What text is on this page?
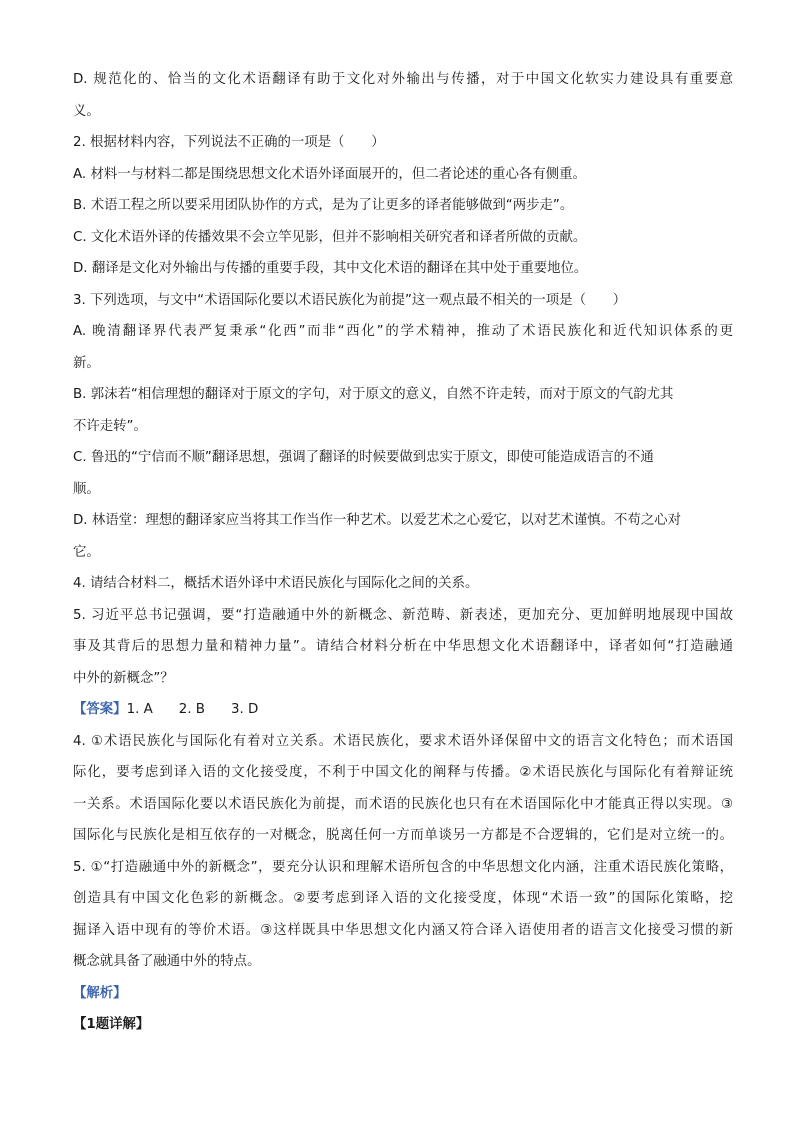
D. 规范化的、恰当的文化术语翻译有助于文化对外输出与传播，对于中国文化软实力建设具有重要意
义。
2. 根据材料内容，下列说法不正确的一项是（　　）
A. 材料一与材料二都是围绕思想文化术语外译面展开的，但二者论述的重心各有侧重。
B. 术语工程之所以要采用团队协作的方式，是为了让更多的译者能够做到“两步走”。
C. 文化术语外译的传播效果不会立竿见影，但并不影响相关研究者和译者所做的贡献。
D. 翻译是文化对外输出与传播的重要手段，其中文化术语的翻译在其中处于重要地位。
3. 下列选项，与文中“术语国际化要以术语民族化为前提”这一观点最不相关的一项是（　　）
A. 晚清翻译界代表严复秉承“化西”而非“西化”的学术精神，推动了术语民族化和近代知识体系的更
新。
B. 郭沫若“相信理想的翻译对于原文的字句，对于原文的意义，自然不许走转，而对于原文的气韵尤其
不许走转”。
C. 鲁迅的“宁信而不顺”翻译思想，强调了翻译的时候要做到忠实于原文，即使可能造成语言的不通
顺。
D. 林语堂：理想的翻译家应当将其工作当作一种艺术。以爱艺术之心爱它，以对艺术谨慎。不苟之心对
它。
4. 请结合材料二，概括术语外译中术语民族化与国际化之间的关系。
5. 习近平总书记强调，要“打造融通中外的新概念、新范畴、新表述，更加充分、更加鲜明地展现中国故
事及其背后的思想力量和精神力量”。请结合材料分析在中华思想文化术语翻译中，译者如何“打造融通
中外的新概念”？
【答案】1. A 2. B 3. D
4. ①术语民族化与国际化有着对立关系。术语民族化，要求术语外译保留中文的语言文化特色；而术语国
际化，要考虑到译入语的文化接受度，不利于中国文化的阐释与传播。②术语民族化与国际化有着辩证统
一关系。术语国际化要以术语民族化为前提，而术语的民族化也只有在术语国际化中才能真正得以实现。③
国际化与民族化是相互依存的一对概念，脱离任何一方而单谈另一方都是不合逻辑的，它们是对立统一的。
5. ①“打造融通中外的新概念”，要充分认识和理解术语所包含的中华思想文化内涵，注重术语民族化策略，
创造具有中国文化色彩的新概念。②要考虑到译入语的文化接受度，体现“术语一致”的国际化策略，挖
掘译入语中现有的等价术语。③这样既具中华思想文化内涵又符合译入语使用者的语言文化接受习惯的新
概念就具备了融通中外的特点。
【解析】
【1题详解】
